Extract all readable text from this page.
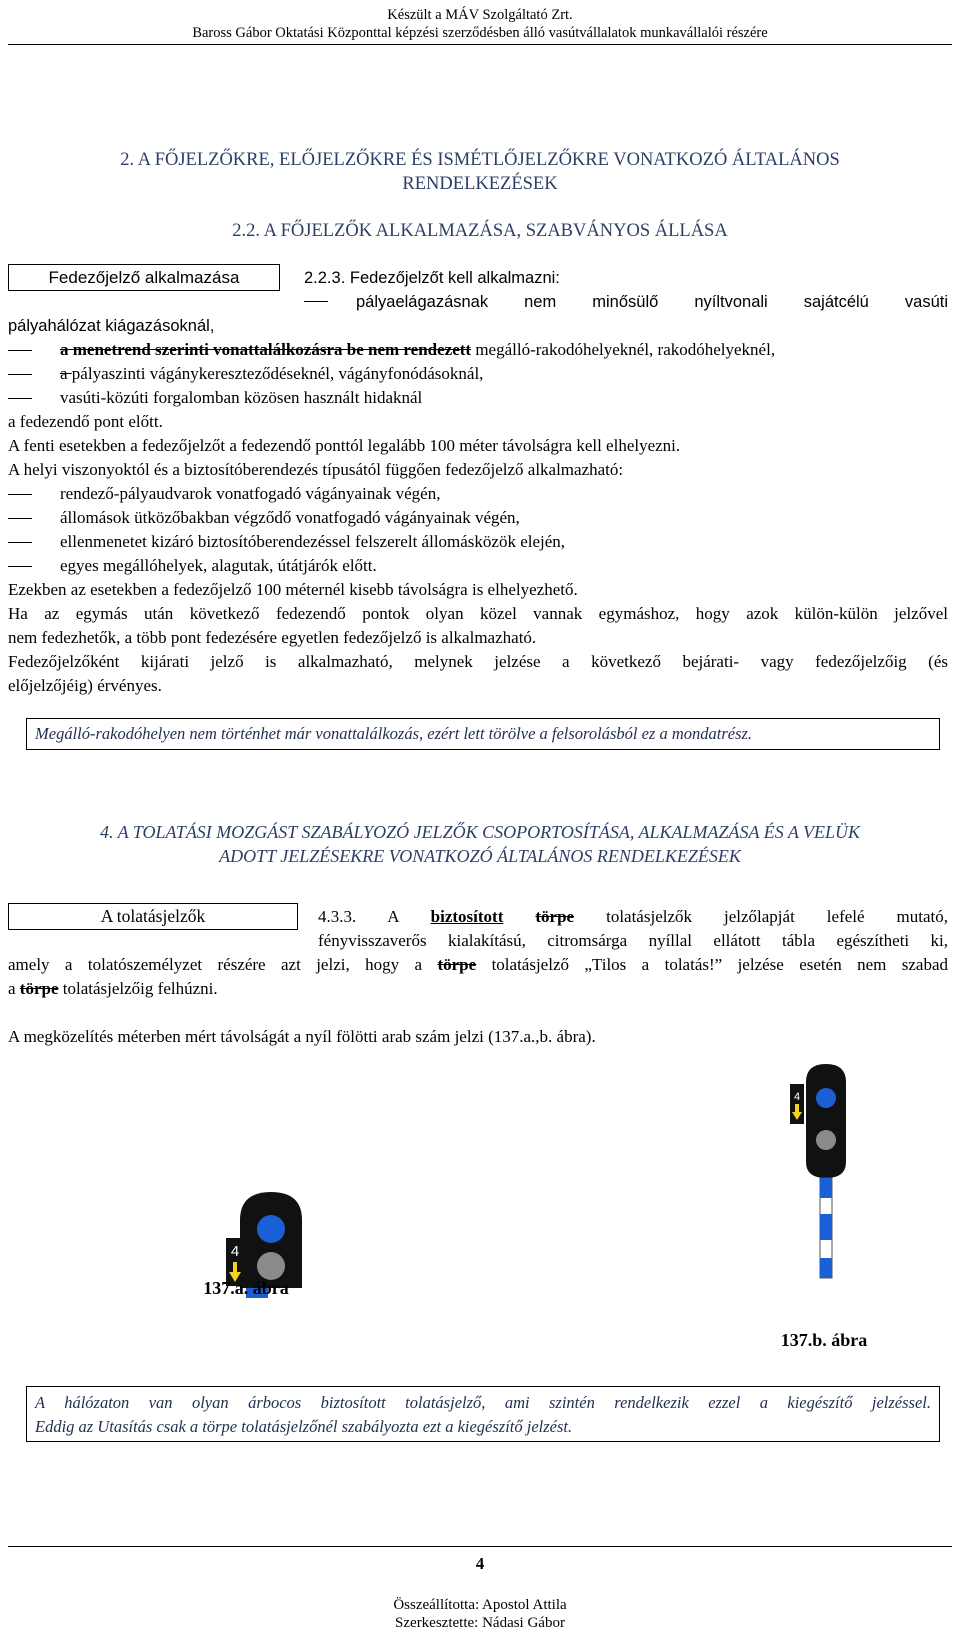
Készült a MÁV Szolgáltató Zrt.
Baross Gábor Oktatási Központtal képzési szerződésben álló vasútvállalatok munkavállalói részére
2. A FŐJELZŐKRE, ELŐJELZŐKRE ÉS ISMÉTLŐJELZŐKRE VONATKOZÓ ÁLTALÁNOS
RENDELKEZÉSEK
2.2. A FŐJELZŐK ALKALMAZÁSA, SZABVÁNYOS ÁLLÁSA
Fedezőjelző alkalmazása	2.2.3. Fedezőjelzőt kell alkalmazni:
pályaelágazásnak nem minősülő nyíltvonali sajátcélú vasúti
pályahálózat kiágazásoknál,
a menetrend szerinti vonattalálkozásra be nem rendezett megálló-rakodóhelyeknél, rakodóhelyeknél,
a pályaszinti vágánykereszteződéseknél, vágányfonódásoknál,
vasúti-közúti forgalomban közösen használt hidaknál
a fedezendő pont előtt.
A fenti esetekben a fedezőjelzőt a fedezendő ponttól legalább 100 méter távolságra kell elhelyezni.
A helyi viszonyoktól és a biztosítóberendezés típusától függően fedezőjelző alkalmazható:
rendező-pályaudvarok vonatfogadó vágányainak végén,
állomások ütközőbakban végződő vonatfogadó vágányainak végén,
ellenmenetet kizáró biztosítóberendezéssel felszerelt állomásközök elején,
egyes megállóhelyek, alagutak, útátjárók előtt.
Ezekben az esetekben a fedezőjelző 100 méternél kisebb távolságra is elhelyezhető.
Ha az egymás után következő fedezendő pontok olyan közel vannak egymáshoz, hogy azok külön-külön jelzővel
nem fedezhetők, a több pont fedezésére egyetlen fedezőjelző is alkalmazható.
Fedezőjelzőként kijárati jelző is alkalmazható, melynek jelzése a következő bejárati- vagy fedezőjelzőig (és
előjelzőjéig) érvényes.
Megálló-rakodóhelyen nem történhet már vonattalálkozás, ezért lett törölve a felsorolásból ez a mondatrész.
4. A TOLATÁSI MOZGÁST SZABÁLYOZÓ JELZŐK CSOPORTOSÍTÁSA, ALKALMAZÁSA ÉS A VELÜK
ADOTT JELZÉSEKRE VONATKOZÓ ÁLTALÁNOS RENDELKEZÉSEK
A tolatásjelzők	4.3.3. A biztosított törpe tolatásjelzők jelzőlapját lefelé mutató,
fényvisszaverős kialakítású, citromsárga nyíllal ellátott tábla egészítheti ki,
amely a tolatószemélyzet részére azt jelzi, hogy a törpe tolatásjelző „Tilos a tolatás!” jelzése esetén nem szabad
a törpe tolatásjelzőig felhúzni.
A megközelítés méterben mért távolságát a nyíl fölötti arab szám jelzi (137.a.,b. ábra).
4
137.a. ábra
4
137.b. ábra
A hálózaton van olyan árbocos biztosított tolatásjelző, ami szintén rendelkezik ezzel a kiegészítő jelzéssel.
Eddig az Utasítás csak a törpe tolatásjelzőnél szabályozta ezt a kiegészítő jelzést.
4
Összeállította: Apostol Attila
Szerkesztette: Nádasi Gábor
